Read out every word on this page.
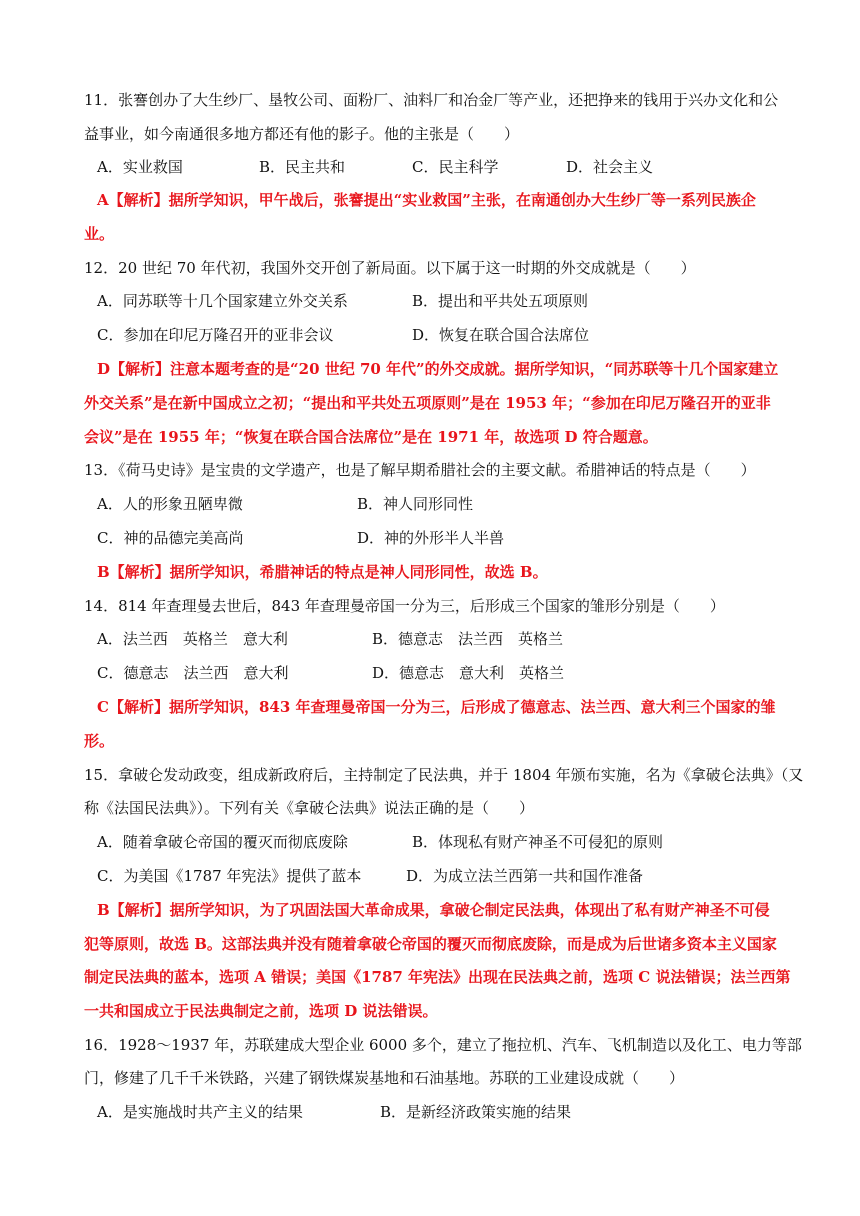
11．张謇创办了大生纱厂、垦牧公司、面粉厂、油料厂和冶金厂等产业，还把挣来的钱用于兴办文化和公
益事业，如今南通很多地方都还有他的影子。他的主张是（　　）
A．实业救国	B．民主共和	C．民主科学	D．社会主义
A【解析】据所学知识，甲午战后，张謇提出“实业救国”主张，在南通创办大生纱厂等一系列民族企
业。
12．20 世纪 70 年代初，我国外交开创了新局面。以下属于这一时期的外交成就是（　　）
A．同苏联等十几个国家建立外交关系	B．提出和平共处五项原则
C．参加在印尼万隆召开的亚非会议	D．恢复在联合国合法席位
D【解析】注意本题考查的是“20 世纪 70 年代”的外交成就。据所学知识，“同苏联等十几个国家建立
外交关系”是在新中国成立之初；“提出和平共处五项原则”是在 1953 年；“参加在印尼万隆召开的亚非
会议”是在 1955 年；“恢复在联合国合法席位”是在 1971 年，故选项 D 符合题意。
13．《荷马史诗》是宝贵的文学遗产，也是了解早期希腊社会的主要文献。希腊神话的特点是（　　）
A．人的形象丑陋卑微	B．神人同形同性
C．神的品德完美高尚	D．神的外形半人半兽
B【解析】据所学知识，希腊神话的特点是神人同形同性，故选 B。
14．814 年查理曼去世后，843 年查理曼帝国一分为三，后形成三个国家的雏形分别是（　　）
A．法兰西　英格兰　意大利	B．德意志　法兰西　英格兰
C．德意志　法兰西　意大利	D．德意志　意大利　英格兰
C【解析】据所学知识，843 年查理曼帝国一分为三，后形成了德意志、法兰西、意大利三个国家的雏
形。
15．拿破仑发动政变，组成新政府后，主持制定了民法典，并于 1804 年颁布实施，名为《拿破仑法典》（又
称《法国民法典》）。下列有关《拿破仑法典》说法正确的是（　　）
A．随着拿破仑帝国的覆灭而彻底废除	B．体现私有财产神圣不可侵犯的原则
C．为美国《1787 年宪法》提供了蓝本	D．为成立法兰西第一共和国作准备
B【解析】据所学知识，为了巩固法国大革命成果，拿破仑制定民法典，体现出了私有财产神圣不可侵
犯等原则，故选 B。这部法典并没有随着拿破仑帝国的覆灭而彻底废除，而是成为后世诸多资本主义国家
制定民法典的蓝本，选项 A 错误；美国《1787 年宪法》出现在民法典之前，选项 C 说法错误；法兰西第
一共和国成立于民法典制定之前，选项 D 说法错误。
16．1928～1937 年，苏联建成大型企业 6000 多个，建立了拖拉机、汽车、飞机制造以及化工、电力等部
门，修建了几千千米铁路，兴建了钢铁煤炭基地和石油基地。苏联的工业建设成就（　　）
A．是实施战时共产主义的结果	B．是新经济政策实施的结果
